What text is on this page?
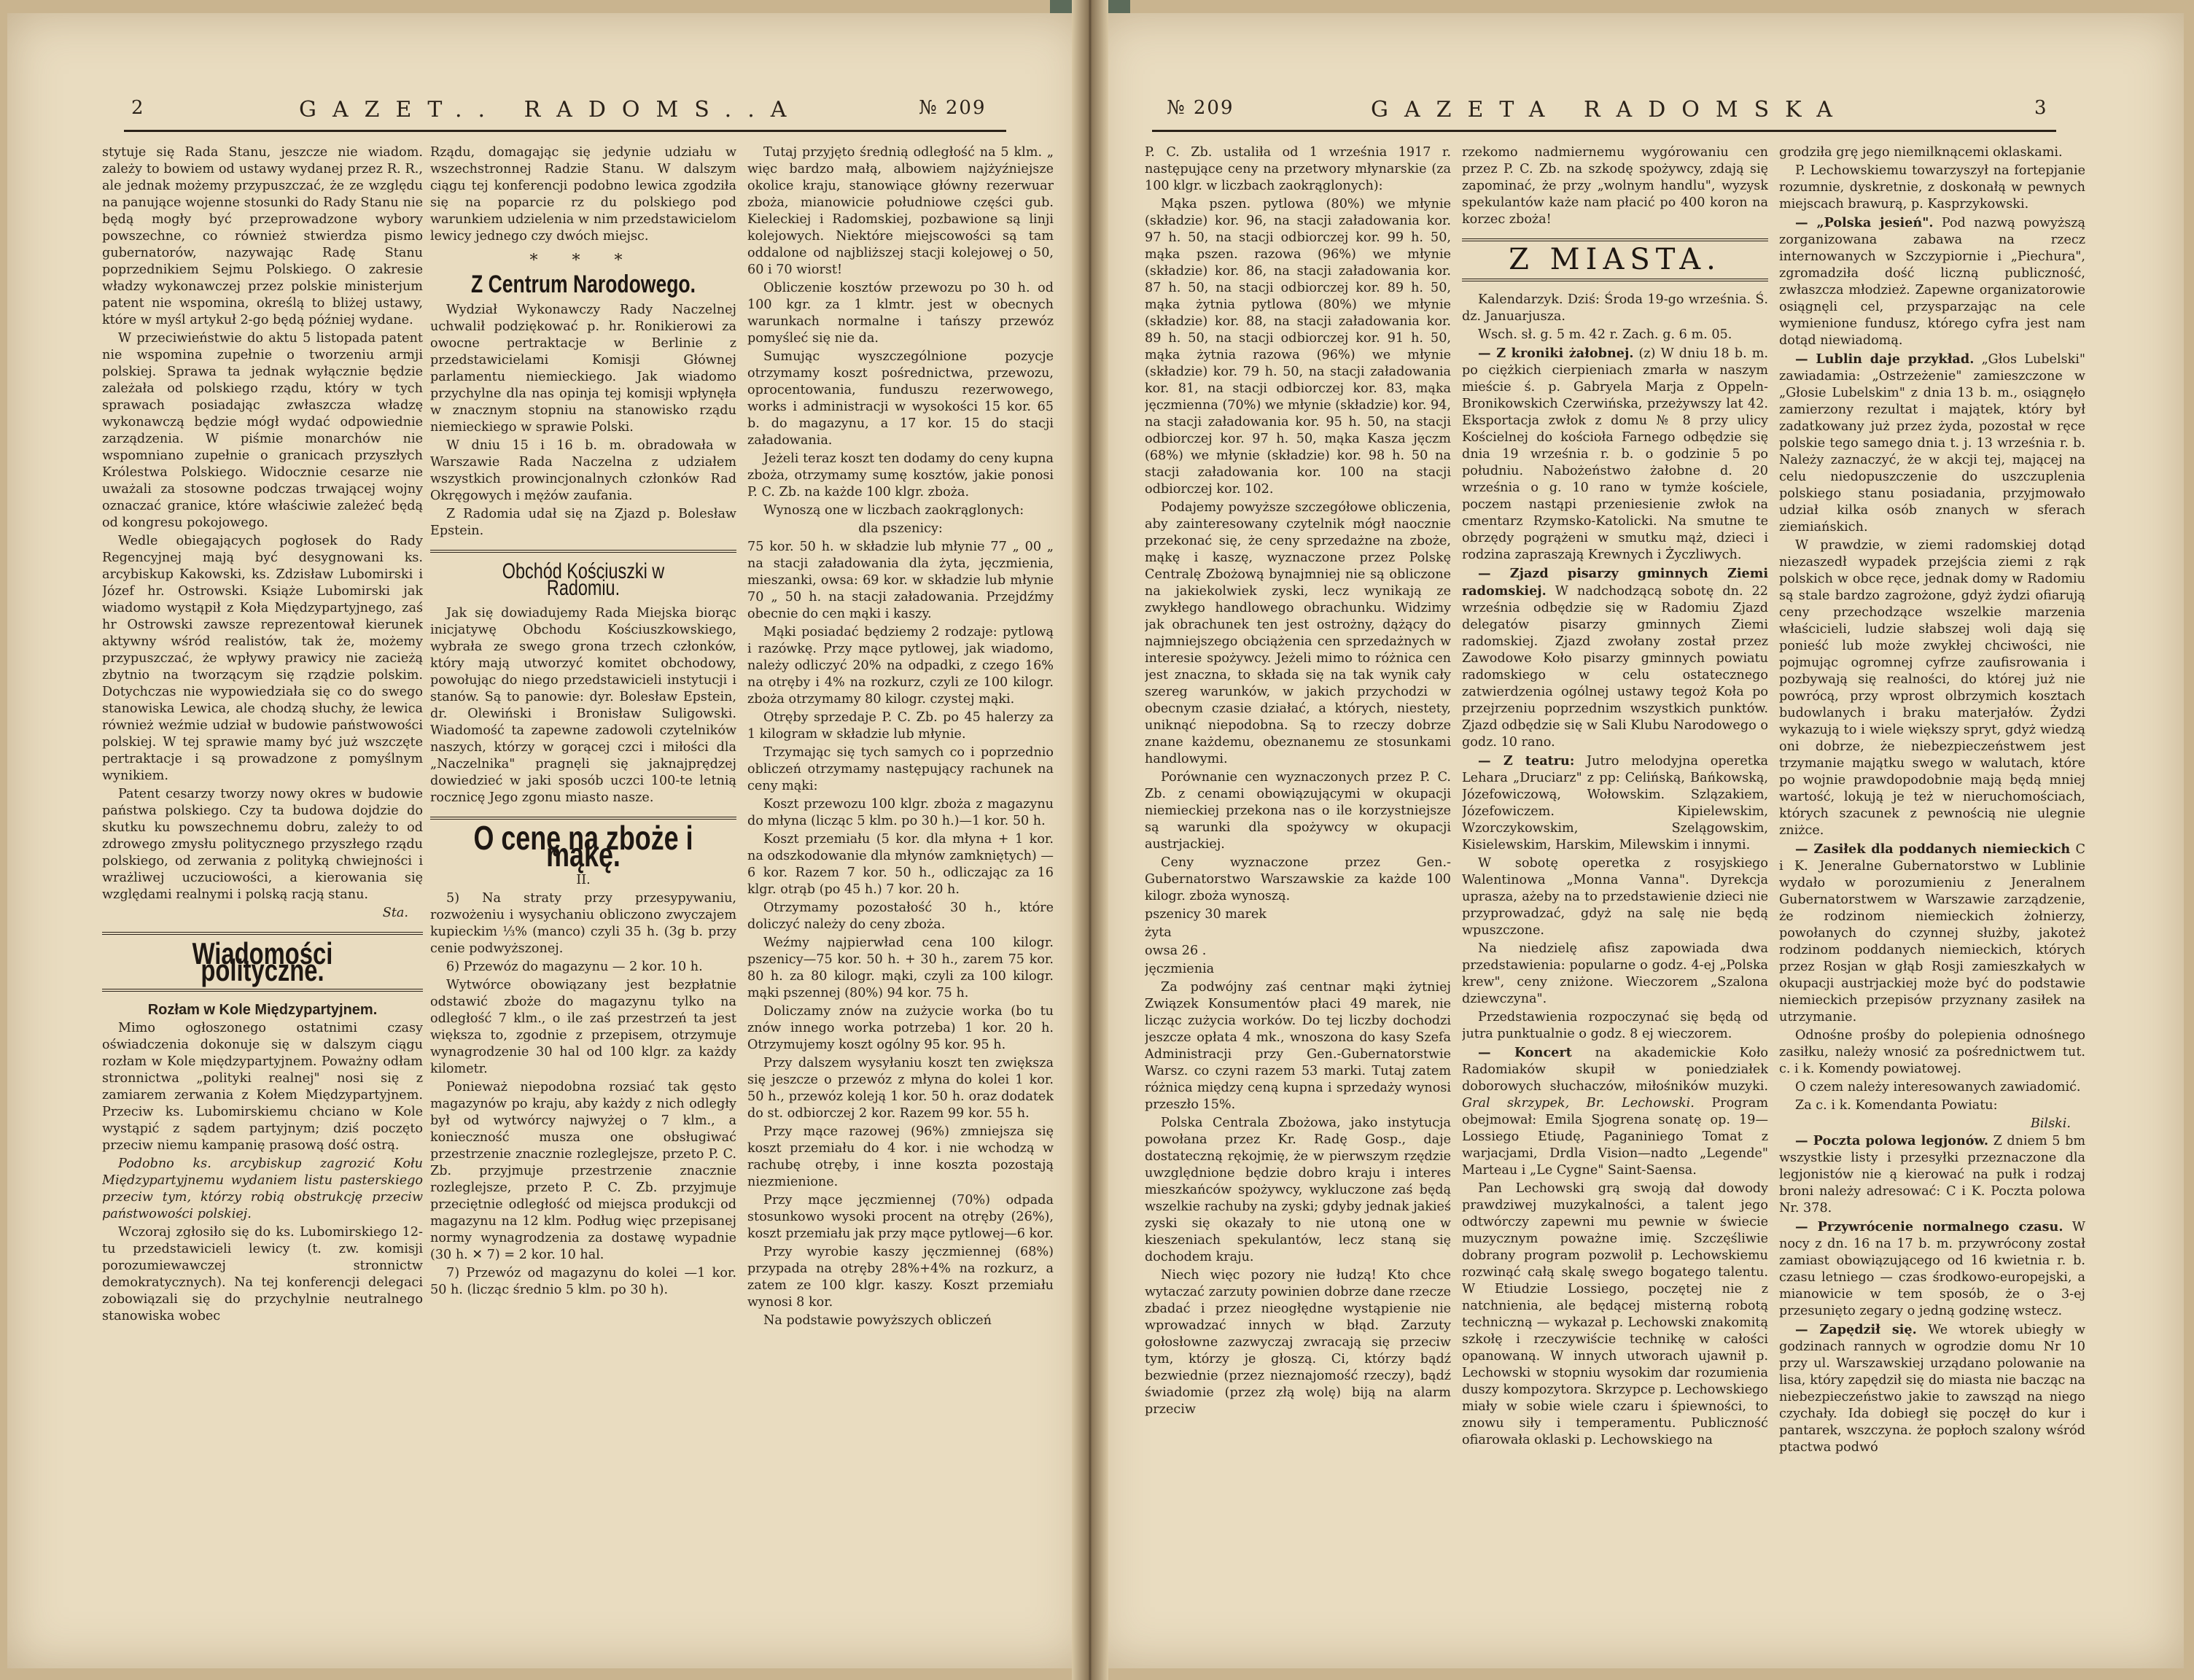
2	GAZET.. RADOMS..A	№ 209

stytuje się Rada Stanu, jeszcze nie wiadom. zależy to bowiem od ustawy wydanej przez R. R., ale jednak możemy przypuszczać, że ze względu na panujące wojenne stosunki do Rady Stanu nie będą mogły być przeprowadzone wybory powszechne, co również stwierdza pismo gubernatorów, nazywając Radę Stanu poprzednikiem Sejmu Polskiego. O zakresie władzy wykonawczej przez polskie ministerjum patent nie wspomina, określą to bliżej ustawy, które w myśl artykuł 2-go będą później wydane.

W przeciwieństwie do aktu 5 listopada patent nie wspomina zupełnie o tworzeniu armji polskiej. Sprawa ta jednak wyłącznie będzie zależała od polskiego rządu, który w tych sprawach posiadając zwłaszcza władzę wykonawczą będzie mógł wydać odpowiednie zarządzenia. W piśmie monarchów nie wspomniano zupełnie o granicach przyszłych Królestwa Polskiego. Widocznie cesarze nie uważali za stosowne podczas trwającej wojny oznaczać granice, które właściwie zależeć będą od kongresu pokojowego.

Wedle obiegających pogłosek do Rady Regencyjnej mają być desygnowani ks. arcybiskup Kakowski, ks. Zdzisław Lubomirski i Józef hr. Ostrowski. Książe Lubomirski jak wiadomo wystąpił z Koła Międzypartyjnego, zaś hr Ostrowski zawsze reprezentował kierunek aktywny wśród realistów, tak że, możemy przypuszczać, że wpływy prawicy nie zacieżą zbytnio na tworzącym się rządzie polskim. Dotychczas nie wypowiedziała się co do swego stanowiska Lewica, ale chodzą słuchy, że lewica również weźmie udział w budowie państwowości polskiej. W tej sprawie mamy być już wszczęte pertraktacje i są prowadzone z pomyślnym wynikiem.

Patent cesarzy tworzy nowy okres w budowie państwa polskiego. Czy ta budowa dojdzie do skutku ku powszechnemu dobru, zależy to od zdrowego zmysłu politycznego przyszłego rządu polskiego, od zerwania z polityką chwiejności i wrażliwej uczuciowości, a kierowania się względami realnymi i polską racją stanu.

Sta.
Wiadomości polityczne.

Rozłam w Kole Międzypartyjnem.

Mimo ogłoszonego ostatnimi czasy oświadczenia dokonuje się w dalszym ciągu rozłam w Kole międzypartyjnem. Poważny odłam stronnictwa „polityki realnej" nosi się z zamiarem zerwania z Kołem Międzypartyjnem. Przeciw ks. Lubomirskiemu chciano w Kole wystąpić z sądem partyjnym; dziś poczęto przeciw niemu kampanię prasową dość ostrą.

Podobno ks. arcybiskup zagrozić Kołu Międzypartyjnemu wydaniem listu pasterskiego przeciw tym, którzy robią obstrukcję przeciw państwowości polskiej.

Wczoraj zgłosiło się do ks. Lubomirskiego 12-tu przedstawicieli lewicy (t. zw. komisji porozumiewawczej stronnictw demokratycznych). Na tej konferencji delegaci zobowiązali się do przychylnie neutralnego stanowiska wobec

Rządu, domagając się jedynie udziału w wszechstronnej Radzie Stanu. W dalszym ciągu tej konferencji podobno lewica zgodziła się na poparcie rz du polskiego pod warunkiem udzielenia w nim przedstawicielom lewicy jednego czy dwóch miejsc.

* * *
Z Centrum Narodowego.

Wydział Wykonawczy Rady Naczelnej uchwalił podziękować p. hr. Ronikierowi za owocne pertraktacje w Berlinie z przedstawicielami Komisji Głównej parlamentu niemieckiego. Jak wiadomo przychylne dla nas opinja tej komisji wpłynęła w znacznym stopniu na stanowisko rządu niemieckiego w sprawie Polski.

W dniu 15 i 16 b. m. obradowała w Warszawie Rada Naczelna z udziałem wszystkich prowincjonalnych członków Rad Okręgowych i mężów zaufania.

Z Radomia udał się na Zjazd p. Bolesław Epstein.

Obchód Kościuszki w Radomiu.

Jak się dowiadujemy Rada Miejska biorąc inicjatywę Obchodu Kościuszkowskiego, wybrała ze swego grona trzech członków, który mają utworzyć komitet obchodowy, powołując do niego przedstawicieli instytucji i stanów. Są to panowie: dyr. Bolesław Epstein, dr. Olewiński i Bronisław Suligowski. Wiadomość ta zapewne zadowoli czytelników naszych, którzy w gorącej czci i miłości dla „Naczelnika" pragnęli się jaknajprędzej dowiedzieć w jaki sposób uczci 100-te letnią rocznicę Jego zgonu miasto nasze.

O cenę na zboże i mąkę.

II.

5) Na straty przy przesypywaniu, rozwożeniu i wysychaniu obliczono zwyczajem kupieckim ⅓% (manco) czyli 35 h. (3g b. przy cenie podwyższonej.

6) Przewóz do magazynu — 2 kor. 10 h.

Wytwórce obowiązany jest bezpłatnie odstawić zboże do magazynu tylko na odległość 7 klm., o ile zaś przestrzeń ta jest większa to, zgodnie z przepisem, otrzymuje wynagrodzenie 30 hal od 100 klgr. za każdy kilometr.

Ponieważ niepodobna rozsiać tak gęsto magazynów po kraju, aby każdy z nich odległy był od wytwórcy najwyżej o 7 klm., a konieczność musza one obsługiwać przestrzenie znacznie rozleglejsze, przeto P. C. Zb. przyjmuje przestrzenie znacznie rozleglejsze, przeto P. C. Zb. przyjmuje przeciętnie odległość od miejsca produkcji od magazynu na 12 klm. Podług więc przepisanej normy wynagrodzenia za dostawę wypadnie (30 h. ✕ 7) = 2 kor. 10 hal.

7) Przewóz od magazynu do kolei —1 kor. 50 h. (licząc średnio 5 klm. po 30 h).

Tutaj przyjęto średnią odległość na 5 klm. „ więc bardzo małą, albowiem najżyźniejsze okolice kraju, stanowiące główny rezerwuar zboża, mianowicie południowe części gub. Kieleckiej i Radomskiej, pozbawione są linji kolejowych. Niektóre miejscowości są tam oddalone od najbliższej stacji kolejowej o 50, 60 i 70 wiorst!

Obliczenie kosztów przewozu po 30 h. od 100 kgr. za 1 klmtr. jest w obecnych warunkach normalne i tańszy przewóz pomyśleć się nie da.

Sumując wyszczególnione pozycje otrzymamy koszt pośrednictwa, przewozu, oprocentowania, funduszu rezerwowego, works i administracji w wysokości 15 kor. 65 b. do magazynu, a 17 kor. 15 do stacji załadowania.

Jeżeli teraz koszt ten dodamy do ceny kupna zboża, otrzymamy sumę kosztów, jakie ponosi P. C. Zb. na każde 100 klgr. zboża.

Wynoszą one w liczbach zaokrąglonych:

dla pszenicy:

75 kor. 50 h. w składzie lub młynie 77 „ 00 „ na stacji załadowania dla żyta, jęczmienia, mieszanki, owsa: 69 kor. w składzie lub młynie 70 „ 50 h. na stacji załadowania. Przejdźmy obecnie do cen mąki i kaszy.

Mąki posiadać będziemy 2 rodzaje: pytlową i razówkę. Przy mące pytlowej, jak wiadomo, należy odliczyć 20% na odpadki, z czego 16% na otręby i 4% na rozkurz, czyli ze 100 kilogr. zboża otrzymamy 80 kilogr. czystej mąki.

Otręby sprzedaje P. C. Zb. po 45 halerzy za 1 kilogram w składzie lub młynie.

Trzymając się tych samych co i poprzednio obliczeń otrzymamy następujący rachunek na ceny mąki:

Koszt przewozu 100 klgr. zboża z magazynu do młyna (licząc 5 klm. po 30 h.)—1 kor. 50 h.

Koszt przemiału (5 kor. dla młyna + 1 kor. na odszkodowanie dla młynów zamkniętych) — 6 kor. Razem 7 kor. 50 h., odliczając za 16 klgr. otrąb (po 45 h.) 7 kor. 20 h.

Otrzymamy pozostałość 30 h., które doliczyć należy do ceny zboża.

Weźmy najpierwład cena 100 kilogr. pszenicy—75 kor. 50 h. + 30 h., zarem 75 kor. 80 h. za 80 kilogr. mąki, czyli za 100 kilogr. mąki pszennej (80%) 94 kor. 75 h.

Doliczamy znów na zużycie worka (bo tu znów innego worka potrzeba) 1 kor. 20 h. Otrzymujemy koszt ogólny 95 kor. 95 h.

Przy dalszem wysyłaniu koszt ten zwiększa się jeszcze o przewóz z młyna do kolei 1 kor. 50 h., przewóz koleją 1 kor. 50 h. oraz dodatek do st. odbiorczej 2 kor. Razem 99 kor. 55 h.

Przy mące razowej (96%) zmniejsza się koszt przemiału do 4 kor. i nie wchodzą w rachubę otręby, i inne koszta pozostają niezmienione.

Przy mące jęczmiennej (70%) odpada stosunkowo wysoki procent na otręby (26%), koszt przemiału jak przy mące pytlowej—6 kor.

Przy wyrobie kaszy jęczmiennej (68%) przypada na otręby 28%+4% na rozkurz, a zatem ze 100 klgr. kaszy. Koszt przemiału wynosi 8 kor.

Na podstawie powyższych obliczeń

№ 209	GAZETA RADOMSKA	3

P. C. Zb. ustaliła od 1 września 1917 r. następujące ceny na przetwory młynarskie (za 100 klgr. w liczbach zaokrąglonych):

Mąka pszen. pytlowa (80%) we młynie (składzie) kor. 96, na stacji załadowania kor. 97 h. 50, na stacji odbiorczej kor. 99 h. 50, mąka pszen. razowa (96%) we młynie (składzie) kor. 86, na stacji załadowania kor. 87 h. 50, na stacji odbiorczej kor. 89 h. 50, mąka żytnia pytlowa (80%) we młynie (składzie) kor. 88, na stacji załadowania kor. 89 h. 50, na stacji odbiorczej kor. 91 h. 50, mąka żytnia razowa (96%) we młynie (składzie) kor. 79 h. 50, na stacji załadowania kor. 81, na stacji odbiorczej kor. 83, mąka jęczmienna (70%) we młynie (składzie) kor. 94, na stacji załadowania kor. 95 h. 50, na stacji odbiorczej kor. 97 h. 50, mąka Kasza jęczm (68%) we młynie (składzie) kor. 98 h. 50 na stacji załadowania kor. 100 na stacji odbiorczej kor. 102.

Podajemy powyższe szczegółowe obliczenia, aby zainteresowany czytelnik mógł naocznie przekonać się, że ceny sprzedażne na zboże, mąkę i kaszę, wyznaczone przez Polskę Centralę Zbożową bynajmniej nie są obliczone na jakiekolwiek zyski, lecz wynikają ze zwykłego handlowego obrachunku. Widzimy jak obrachunek ten jest ostrożny, dążący do najmniejszego obciążenia cen sprzedażnych w interesie spożywcy. Jeżeli mimo to różnica cen jest znaczna, to składa się na tak wynik cały szereg warunków, w jakich przychodzi w obecnym czasie działać, a których, niestety, uniknąć niepodobna. Są to rzeczy dobrze znane każdemu, obeznanemu ze stosunkami handlowymi.

Porównanie cen wyznaczonych przez P. C. Zb. z cenami obowiązującymi w okupacji niemieckiej przekona nas o ile korzystniejsze są warunki dla spożywcy w okupacji austrjackiej.

Ceny wyznaczone przez Gen.-Gubernatorstwo Warszawskie za każde 100 kilogr. zboża wynoszą.

pszenicy 30 marek

żyta

owsa 26 .

jęczmienia

Za podwójny zaś centnar mąki żytniej Związek Konsumentów płaci 49 marek, nie licząc zużycia worków. Do tej liczby dochodzi jeszcze opłata 4 mk., wnoszona do kasy Szefa Administracji przy Gen.-Gubernatorstwie Warsz. co czyni razem 53 marki. Tutaj zatem różnica między ceną kupna i sprzedaży wynosi przeszło 15%.

Polska Centrala Zbożowa, jako instytucja powołana przez Kr. Radę Gosp., daje dostateczną rękojmię, że w pierwszym rzędzie uwzględnione będzie dobro kraju i interes mieszkańców spożywcy, wykluczone zaś będą wszelkie rachuby na zyski; gdyby jednak jakieś zyski się okazały to nie utoną one w kieszeniach spekulantów, lecz staną się dochodem kraju.

Niech więc pozory nie łudzą! Kto chce wytaczać zarzuty powinien dobrze dane rzecze zbadać i przez nieogłędne wystąpienie nie wprowadzać innych w błąd. Zarzuty gołosłowne zazwyczaj zwracają się przeciw tym, którzy je głoszą. Ci, którzy bądź bezwiednie (przez nieznajomość rzeczy), bądź świadomie (przez złą wolę) biją na alarm przeciw

rzekomo nadmiernemu wygórowaniu cen przez P. C. Zb. na szkodę spożywcy, zdają się zapominać, że przy „wolnym handlu", wyzysk spekulantów każe nam płacić po 400 koron na korzec zboża!

Z MIASTA.

Kalendarzyk. Dziś: Środa 19-go września. Ś. dz. Januarjusza.

Wsch. sł. g. 5 m. 42 r. Zach. g. 6 m. 05.

— Z kroniki żałobnej. (z) W dniu 18 b. m. po ciężkich cierpieniach zmarła w naszym mieście ś. p. Gabryela Marja z Oppeln-Bronikowskich Czerwińska, przeżywszy lat 42. Eksportacja zwłok z domu № 8 przy ulicy Kościelnej do kościoła Farnego odbędzie się dnia 19 września r. b. o godzinie 5 po południu. Nabożeństwo żałobne d. 20 września o g. 10 rano w tymże kościele, poczem nastąpi przeniesienie zwłok na cmentarz Rzymsko-Katolicki. Na smutne te obrzędy pogrążeni w smutku mąż, dzieci i rodzina zapraszają Krewnych i Życzliwych.

— Zjazd pisarzy gminnych Ziemi radomskiej. W nadchodzącą sobotę dn. 22 września odbędzie się w Radomiu Zjazd delegatów pisarzy gminnych Ziemi radomskiej. Zjazd zwołany został przez Zawodowe Koło pisarzy gminnych powiatu radomskiego w celu ostatecznego zatwierdzenia ogólnej ustawy tegoż Koła po przejrzeniu poprzednim wszystkich punktów. Zjazd odbędzie się w Sali Klubu Narodowego o godz. 10 rano.

— Z teatru: Jutro melodyjna operetka Lehara „Druciarz" z pp: Celińską, Bańkowską, Józefowiczową, Wołowskim. Szlązakiem, Józefowiczem. Kipielewskim, Wzorczykowskim, Szelągowskim, Kisielewskim, Harskim, Milewskim i innymi.

W sobotę operetka z rosyjskiego Walentinowa „Monna Vanna". Dyrekcja uprasza, ażeby na to przedstawienie dzieci nie przyprowadzać, gdyż na salę nie będą wpuszczone.

Na niedzielę afisz zapowiada dwa przedstawienia: popularne o godz. 4-ej „Polska krew", ceny zniżone. Wieczorem „Szalona dziewczyna".

Przedstawienia rozpoczynać się będą od jutra punktualnie o godz. 8 ej wieczorem.

— Koncert na akademickie Koło Radomiaków skupił w poniedziałek doborowych słuchaczów, miłośników muzyki. Gral skrzypek, Br. Lechowski. Program obejmował: Emila Sjogrena sonatę op. 19—Lossiego Etiudę, Paganiniego Tomat z warjacjami, Drdla Vision—nadto „Legende" Marteau i „Le Cygne" Saint-Saensa.

Pan Lechowski grą swoją dał dowody prawdziwej muzykalności, a talent jego odtwórczy zapewni mu pewnie w świecie muzycznym poważne imię. Szczęśliwie dobrany program pozwolił p. Lechowskiemu rozwinąć całą skalę swego bogatego talentu. W Etiudzie Lossiego, poczętej nie z natchnienia, ale będącej misterną robotą techniczną — wykazał p. Lechowski znakomitą szkołę i rzeczywiście technikę w całości opanowaną. W innych utworach ujawnił p. Lechowski w stopniu wysokim dar rozumienia duszy kompozytora. Skrzypce p. Lechowskiego miały w sobie wiele czaru i śpiewności, to znowu siły i temperamentu. Publiczność ofiarowała oklaski p. Lechowskiego na

grodziła grę jego niemilknącemi oklaskami.

P. Lechowskiemu towarzyszył na fortepjanie rozumnie, dyskretnie, z doskonałą w pewnych miejscach brawurą, p. Kasprzykowski.

— „Polska jesień". Pod nazwą powyższą zorganizowana zabawa na rzecz internowanych w Szczypiornie i „Piechura", zgromadziła dość liczną publiczność, zwłaszcza młodzież. Zapewne organizatorowie osiągnęli cel, przysparzając na cele wymienione fundusz, którego cyfra jest nam dotąd niewiadomą.

— Lublin daje przykład. „Głos Lubelski" zawiadamia: „Ostrzeżenie" zamieszczone w „Głosie Lubelskim" z dnia 13 b. m., osiągnęło zamierzony rezultat i majątek, który był zadatkowany już przez żyda, pozostał w ręce polskie tego samego dnia t. j. 13 września r. b. Należy zaznaczyć, że w akcji tej, mającej na celu niedopuszczenie do uszczuplenia polskiego stanu posiadania, przyjmowało udział kilka osób znanych w sferach ziemiańskich.

W prawdzie, w ziemi radomskiej dotąd niezaszedł wypadek przejścia ziemi z rąk polskich w obce ręce, jednak domy w Radomiu są stale bardzo zagrożone, gdyż żydzi ofiarują ceny przechodzące wszelkie marzenia właścicieli, ludzie słabszej woli dają się ponieść lub może zwykłej chciwości, nie pojmując ogromnej cyfrze zaufisrowania i pozbywają się realności, do której już nie powrócą, przy wprost olbrzymich kosztach budowlanych i braku materjałów. Żydzi wykazują to i wiele większy spryt, gdyż wiedzą oni dobrze, że niebezpieczeństwem jest trzymanie majątku swego w walutach, które po wojnie prawdopodobnie mają będą mniej wartość, lokują je też w nieruchomościach, których szacunek z pewnością nie ulegnie zniżce.

— Zasiłek dla poddanych niemieckich C i K. Jeneralne Gubernatorstwo w Lublinie wydało w porozumieniu z Jeneralnem Gubernatorstwem w Warszawie zarządzenie, że rodzinom niemieckich żołnierzy, powołanych do czynnej służby, jakoteż rodzinom poddanych niemieckich, których przez Rosjan w głąb Rosji zamieszkałych w okupacji austrjackiej może być do podstawie niemieckich przepisów przyznany zasiłek na utrzymanie.

Odnośne prośby do polepienia odnośnego zasiłku, należy wnosić za pośrednictwem tut. c. i k. Komendy powiatowej.

O czem należy interesowanych zawiadomić.

Za c. i k. Komendanta Powiatu:

Bilski.

— Poczta polowa legjonów. Z dniem 5 bm wszystkie listy i przesyłki przeznaczone dla legjonistów nie ą kierować na pułk i rodzaj broni należy adresować: C i K. Poczta polowa Nr. 378.

— Przywrócenie normalnego czasu. W nocy z dn. 16 na 17 b. m. przywrócony został zamiast obowiązującego od 16 kwietnia r. b. czasu letniego — czas środkowo-europejski, a mianowicie w tem sposób, że o 3-ej przesunięto zegary o jedną godzinę wstecz.

— Zapędził się. We wtorek ubiegły w godzinach rannych w ogrodzie domu Nr 10 przy ul. Warszawskiej urządano polowanie na lisa, który zapędził się do miasta nie bacząc na niebezpieczeństwo jakie to zawsząd na niego czychały. Ida dobiegł się poczęł do kur i pantarek, wszczyna. że popłoch szalony wśród ptactwa podwó
